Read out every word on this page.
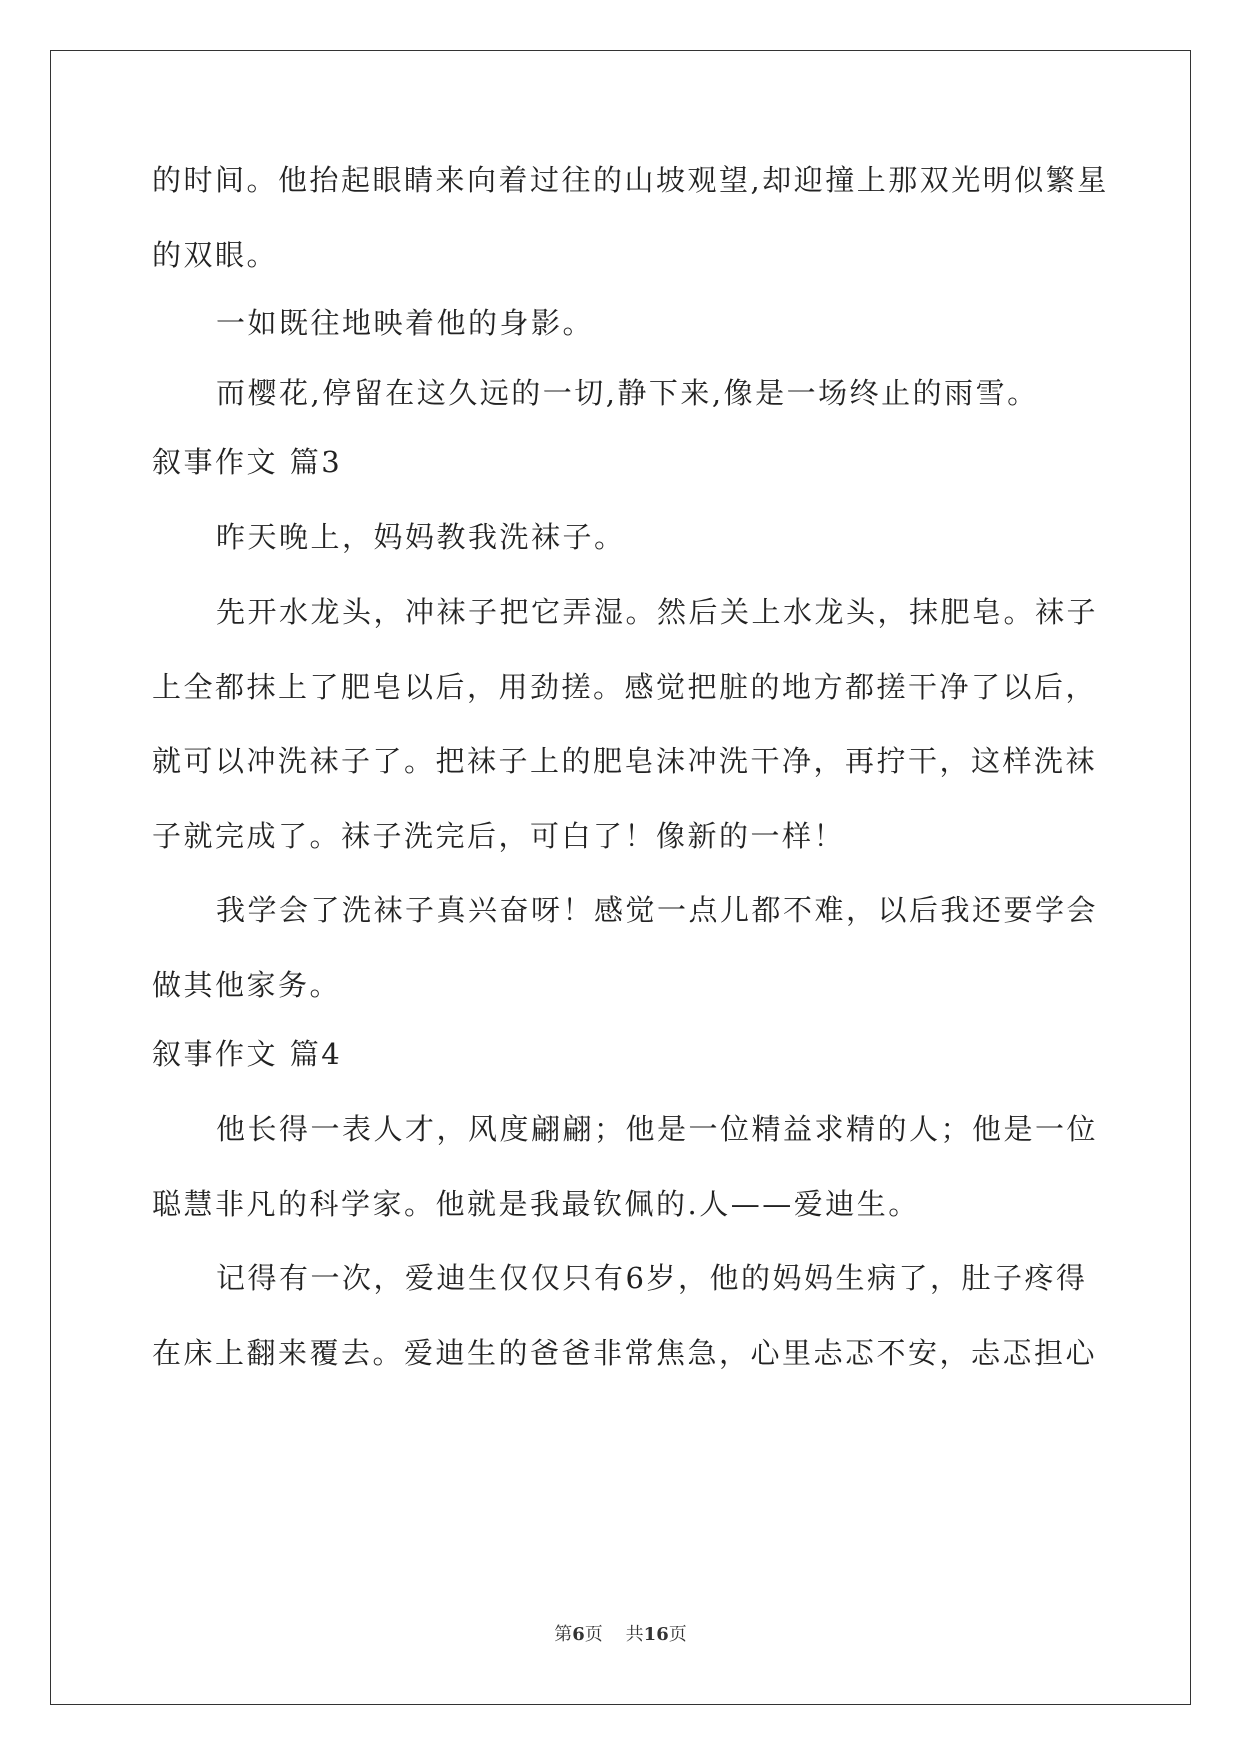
的时间。他抬起眼睛来向着过往的山坡观望,却迎撞上那双光明似繁星
的双眼。
一如既往地映着他的身影。
而樱花,停留在这久远的一切,静下来,像是一场终止的雨雪。
叙事作文 篇3
昨天晚上，妈妈教我洗袜子。
先开水龙头，冲袜子把它弄湿。然后关上水龙头，抹肥皂。袜子
上全都抹上了肥皂以后，用劲搓。感觉把脏的地方都搓干净了以后，
就可以冲洗袜子了。把袜子上的肥皂沫冲洗干净，再拧干，这样洗袜
子就完成了。袜子洗完后，可白了！像新的一样！
我学会了洗袜子真兴奋呀！感觉一点儿都不难，以后我还要学会
做其他家务。
叙事作文 篇4
他长得一表人才，风度翩翩；他是一位精益求精的人；他是一位
聪慧非凡的科学家。他就是我最钦佩的.人——爱迪生。
记得有一次，爱迪生仅仅只有6岁，他的妈妈生病了，肚子疼得
在床上翻来覆去。爱迪生的爸爸非常焦急，心里忐忑不安，忐忑担心
第6页 共16页
